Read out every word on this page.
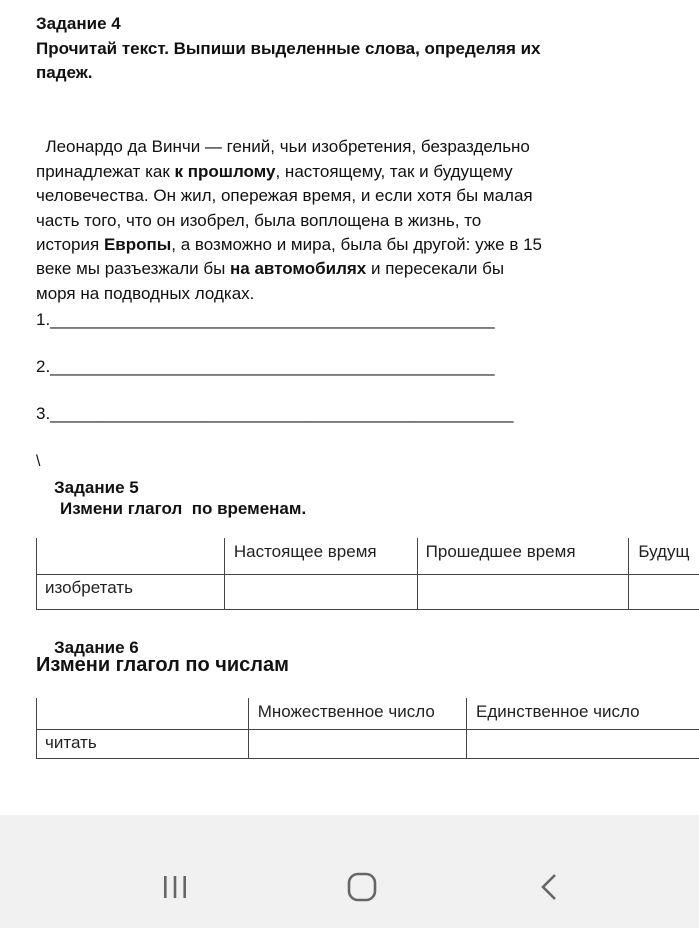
Задание 4
Прочитай текст. Выпиши выделенные слова, определяя их
падеж.

Леонардо да Винчи — гений, чьи изобретения, безраздельно
принадлежат как к прошлому, настоящему, так и будущему
человечества. Он жил, опережая время, и если хотя бы малая
часть того, что он изобрел, была воплощена в жизнь, то
история Европы, а возможно и мира, была бы другой: уже в 15
веке мы разъезжали бы на автомобилях и пересекали бы
моря на подводных лодках.

1._______________________________________________
2._______________________________________________
3._________________________________________________
\
Задание 5
Измени глагол  по временам.

	Настоящее время	Прошедшее время	Будущ

изобретать			

Задание 6
Измени глагол по числам

	Множественное число	Единственное число

читать		
